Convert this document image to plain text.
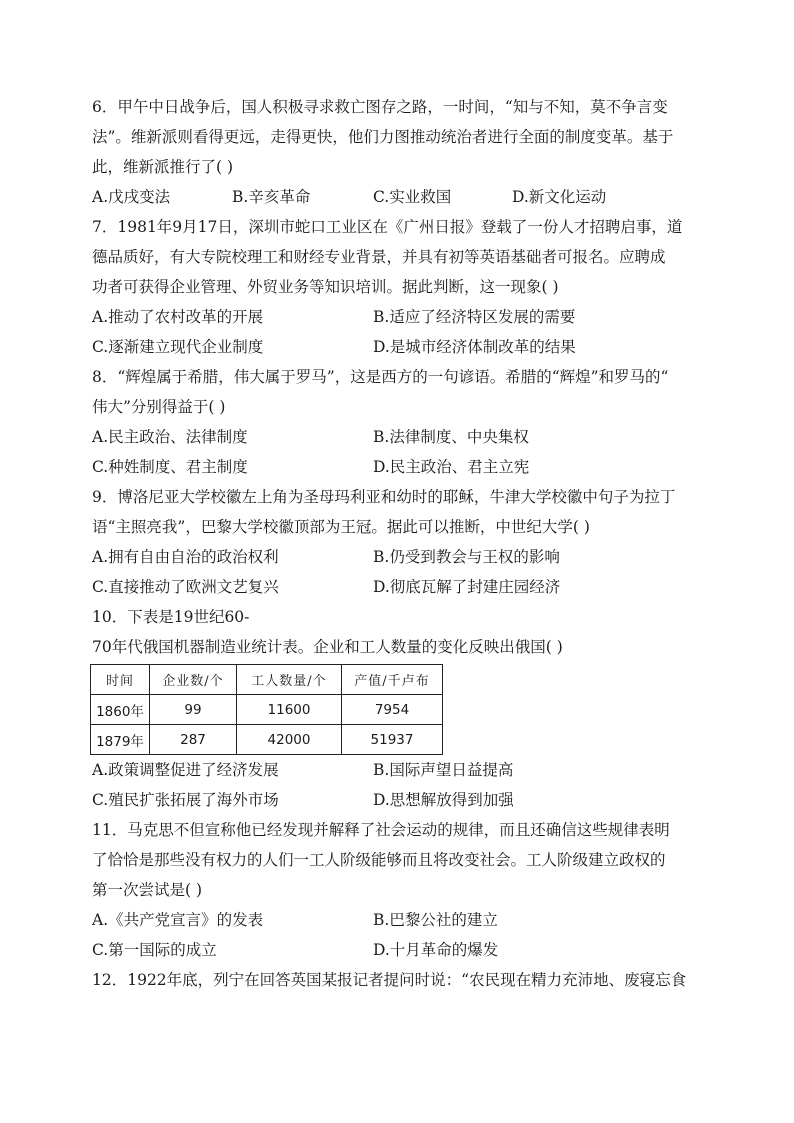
6．甲午中日战争后，国人积极寻求救亡图存之路，一时间，“知与不知，莫不争言变
法”。维新派则看得更远，走得更快，他们力图推动统治者进行全面的制度变革。基于
此，维新派推行了( )
A.戊戌变法	B.辛亥革命	C.实业救国	D.新文化运动
7．1981年9月17日，深圳市蛇口工业区在《广州日报》登载了一份人才招聘启事，道
德品质好，有大专院校理工和财经专业背景，并具有初等英语基础者可报名。应聘成
功者可获得企业管理、外贸业务等知识培训。据此判断，这一现象( )
A.推动了农村改革的开展	B.适应了经济特区发展的需要
C.逐渐建立现代企业制度	D.是城市经济体制改革的结果
8．“辉煌属于希腊，伟大属于罗马”，这是西方的一句谚语。希腊的“辉煌”和罗马的“
伟大”分别得益于( )
A.民主政治、法律制度	B.法律制度、中央集权
C.种姓制度、君主制度	D.民主政治、君主立宪
9．博洛尼亚大学校徽左上角为圣母玛利亚和幼时的耶稣，牛津大学校徽中句子为拉丁
语“主照亮我”，巴黎大学校徽顶部为王冠。据此可以推断，中世纪大学( )
A.拥有自由自治的政治权利	B.仍受到教会与王权的影响
C.直接推动了欧洲文艺复兴	D.彻底瓦解了封建庄园经济
10．下表是19世纪60-
70年代俄国机器制造业统计表。企业和工人数量的变化反映出俄国( )
时间	企业数/个	工人数量/个	产值/千卢布
1860年	99	11600	7954
1879年	287	42000	51937
A.政策调整促进了经济发展	B.国际声望日益提高
C.殖民扩张拓展了海外市场	D.思想解放得到加强
11．马克思不但宣称他已经发现并解释了社会运动的规律，而且还确信这些规律表明
了恰恰是那些没有权力的人们一工人阶级能够而且将改变社会。工人阶级建立政权的
第一次尝试是( )
A.《共产党宣言》的发表	B.巴黎公社的建立
C.第一国际的成立	D.十月革命的爆发
12．1922年底，列宁在回答英国某报记者提问时说：“农民现在精力充沛地、废寝忘食
